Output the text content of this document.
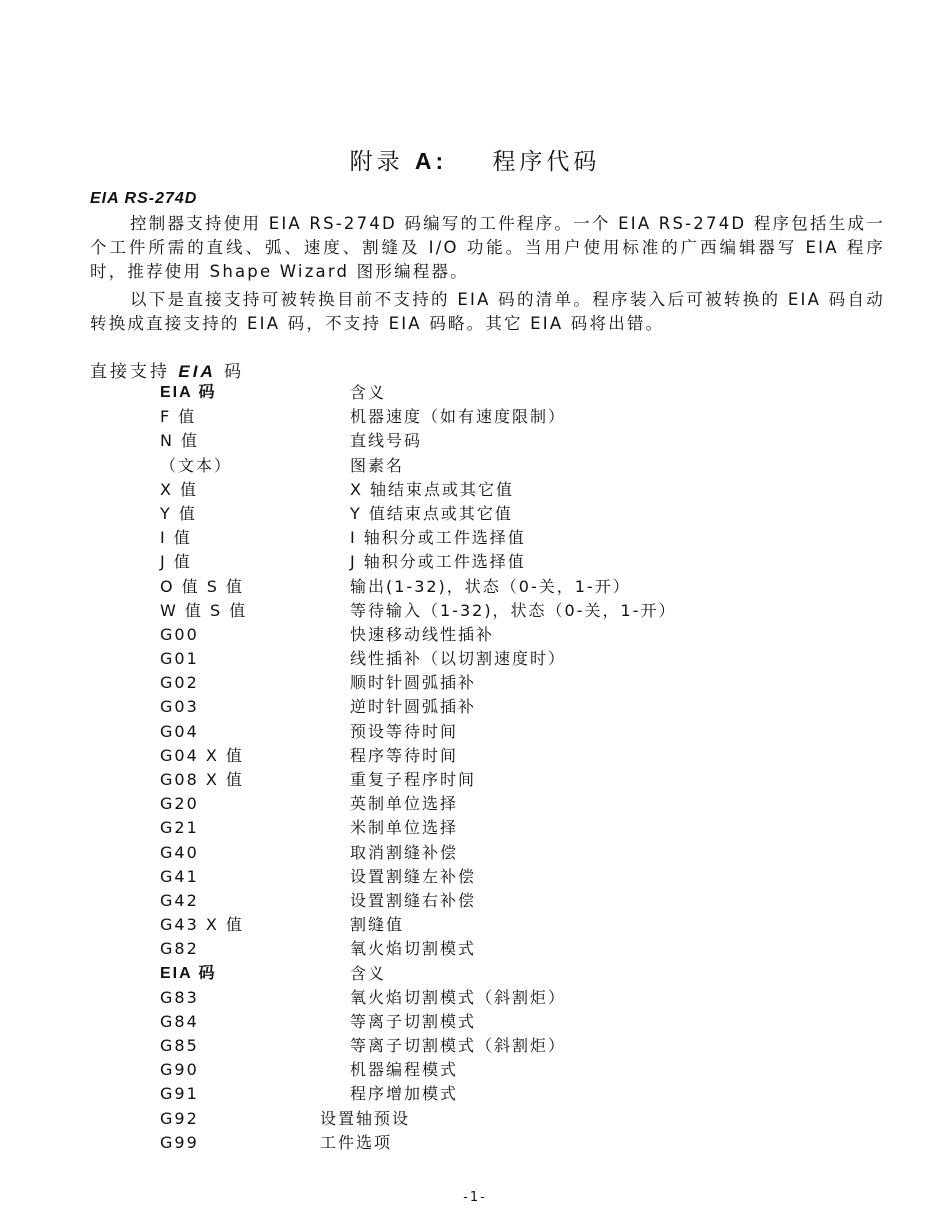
附录 A: 程序代码
EIA RS-274D

控制器支持使用 EIA RS-274D 码编写的工件程序。一个 EIA RS-274D 程序包括生成一个工件所需的直线、弧、速度、割缝及 I/O 功能。当用户使用标准的广西编辑器写 EIA 程序时，推荐使用 Shape Wizard 图形编程器。

以下是直接支持可被转换目前不支持的 EIA 码的清单。程序装入后可被转换的 EIA 码自动转换成直接支持的 EIA 码，不支持 EIA 码略。其它 EIA 码将出错。

直接支持 EIA 码
EIA 码	含义
F 值	机器速度（如有速度限制）
N 值	直线号码
（文本）	图素名
X 值	X 轴结束点或其它值
Y 值	Y 值结束点或其它值
I 值	I 轴积分或工件选择值
J 值	J 轴积分或工件选择值
O 值 S 值	输出(1-32)，状态（0-关，1-开）
W 值 S 值	等待输入（1-32)，状态（0-关，1-开）
G00	快速移动线性插补
G01	线性插补（以切割速度时）
G02	顺时针圆弧插补
G03	逆时针圆弧插补
G04	预设等待时间
G04 X 值	程序等待时间
G08 X 值	重复子程序时间
G20	英制单位选择
G21	米制单位选择
G40	取消割缝补偿
G41	设置割缝左补偿
G42	设置割缝右补偿
G43 X 值	割缝值
G82	氧火焰切割模式
EIA 码	含义
G83	氧火焰切割模式（斜割炬）
G84	等离子切割模式
G85	等离子切割模式（斜割炬）
G90	机器编程模式
G91	程序增加模式
G92	设置轴预设
G99	工件选项
-1-
